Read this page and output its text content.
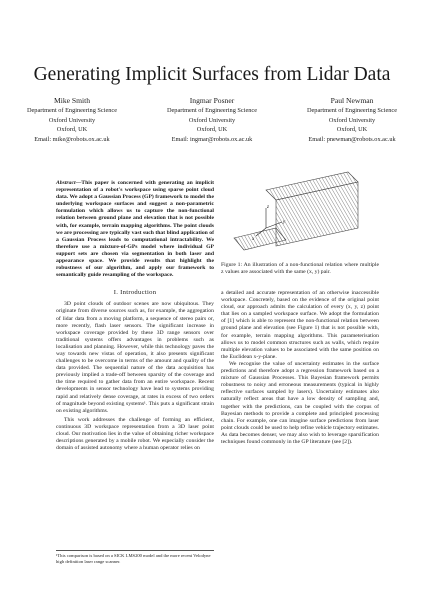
Generating Implicit Surfaces from Lidar Data
Mike Smith
Department of Engineering Science
Oxford University
Oxford, UK
Email: mike@robots.ox.ac.uk
Ingmar Posner
Department of Engineering Science
Oxford University
Oxford, UK
Email: ingmar@robots.ox.ac.uk
Paul Newman
Department of Engineering Science
Oxford University
Oxford, UK
Email: pnewman@robots.ox.ac.uk

Abstract—This paper is concerned with generating an implicit representation of a robot's workspace using sparse point cloud data. We adopt a Gaussian Process (GP) framework to model the underlying workspace surfaces and suggest a non-parametric formulation which allows us to capture the non-functional relation between ground plane and elevation that is not possible with, for example, terrain mapping algorithms. The point clouds we are processing are typically vast such that blind application of a Gaussian Process leads to computational intractability. We therefore use a mixture-of-GPs model where individual GP support sets are chosen via segmentation in both laser and appearance space. We provide results that highlight the robustness of our algorithm, and apply our framework to semantically guide resampling of the workspace.

I. Introduction

3D point clouds of outdoor scenes are now ubiquitous. They originate from diverse sources such as, for example, the aggregation of lidar data from a moving platform, a sequence of stereo pairs or, more recently, flash laser sensors. The significant increase in workspace coverage provided by these 3D range sensors over traditional systems offers advantages in problems such as localisation and planning. However, while this technology paves the way towards new vistas of operation, it also presents significant challenges to be overcome in terms of the amount and quality of the data provided. The sequential nature of the data acquisition has previously implied a trade-off between sparsity of the coverage and the time required to gather data from an entire workspace. Recent developments in sensor technology have lead to systems providing rapid and relatively dense coverage, at rates in excess of two orders of magnitude beyond existing systems¹. This puts a significant strain on existing algorithms.

This work addresses the challenge of forming an efficient, continuous 3D workspace representation from a 3D laser point cloud. Our motivation lies in the value of obtaining richer workspace descriptions generated by a mobile robot. We especially consider the domain of assisted autonomy where a human operator relies on

z
y
x

Figure 1: An illustration of a non-functional relation where multiple z values are associated with the same (x, y) pair.

a detailed and accurate representation of an otherwise inaccessible workspace. Concretely, based on the evidence of the original point cloud, our approach admits the calculation of every (x, y, z) point that lies on a sampled workspace surface. We adopt the formulation of [1] which is able to represent the non-functional relation between ground plane and elevation (see Figure 1) that is not possible with, for example, terrain mapping algorithms. This parameterisation allows us to model common structures such as walls, which require multiple elevation values to be associated with the same position on the Euclidean x-y-plane.

We recognise the value of uncertainty estimates in the surface predictions and therefore adopt a regression framework based on a mixture of Gaussian Processes. This Bayesian framework permits robustness to noisy and erroneous measurements (typical in highly reflective surfaces sampled by lasers). Uncertainty estimates also naturally reflect areas that have a low density of sampling and, together with the predictions, can be coupled with the corpus of Bayesian methods to provide a complete and principled processing chain. For example, one can imagine surface predictions from laser point clouds could be used to help refine vehicle trajectory estimates. As data becomes denser, we may also wish to leverage sparsification techniques found commonly in the GP literature (see [2]).

¹This comparison is based on a SICK LMS200 model and the more recent Velodyne high definition laser range scanner.
